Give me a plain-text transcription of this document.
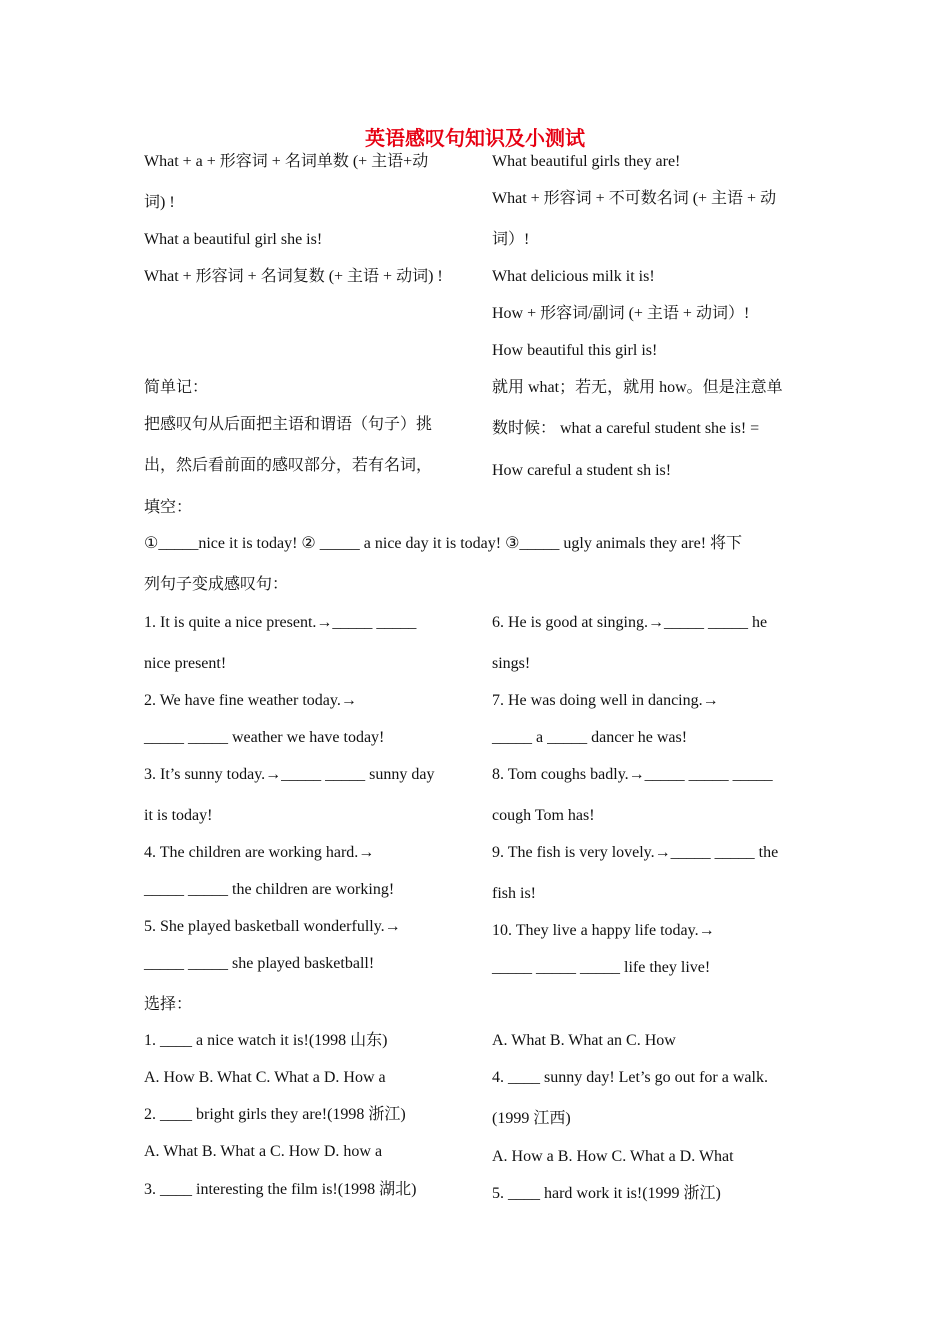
英语感叹句知识及小测试
What + a + 形容词 + 名词单数 (+ 主语+动
词) !
What a beautiful girl she is!
What + 形容词 + 名词复数 (+ 主语 + 动词) !
What beautiful girls they are!
What + 形容词 + 不可数名词 (+ 主语 + 动
词）!
What delicious milk it is!
How + 形容词/副词 (+ 主语 + 动词）!
How beautiful this girl is!
简单记：
把感叹句从后面把主语和谓语（句子）挑
出，然后看前面的感叹部分，若有名词，
就用 what；若无，就用 how。但是注意单
数时候： what a careful student she is! =
How careful a student sh is!
填空：
①_____nice it is today! ② _____ a nice day it is today! ③_____ ugly animals they are! 将下
列句子变成感叹句：
1. It is quite a nice present.→_____ _____
nice present!
2. We have fine weather today.→
_____ _____ weather we have today!
3. It’s sunny today.→_____ _____ sunny day
it is today!
4. The children are working hard.→
_____ _____ the children are working!
5. She played basketball wonderfully.→
_____ _____ she played basketball!
6. He is good at singing.→_____ _____ he
sings!
7. He was doing well in dancing.→
_____ a _____ dancer he was!
8. Tom coughs badly.→_____ _____ _____
cough Tom has!
9. The fish is very lovely.→_____ _____ the
fish is!
10. They live a happy life today.→
_____ _____ _____ life they live!
选择：
1. ____ a nice watch it is!(1998 山东)
A. How B. What C. What a D. How a
2. ____ bright girls they are!(1998 浙江)
A. What B. What a C. How D. how a
3. ____ interesting the film is!(1998 湖北)
A. What B. What an C. How
4. ____ sunny day! Let’s go out for a walk.
(1999 江西)
A. How a B. How C. What a D. What
5. ____ hard work it is!(1999 浙江)
